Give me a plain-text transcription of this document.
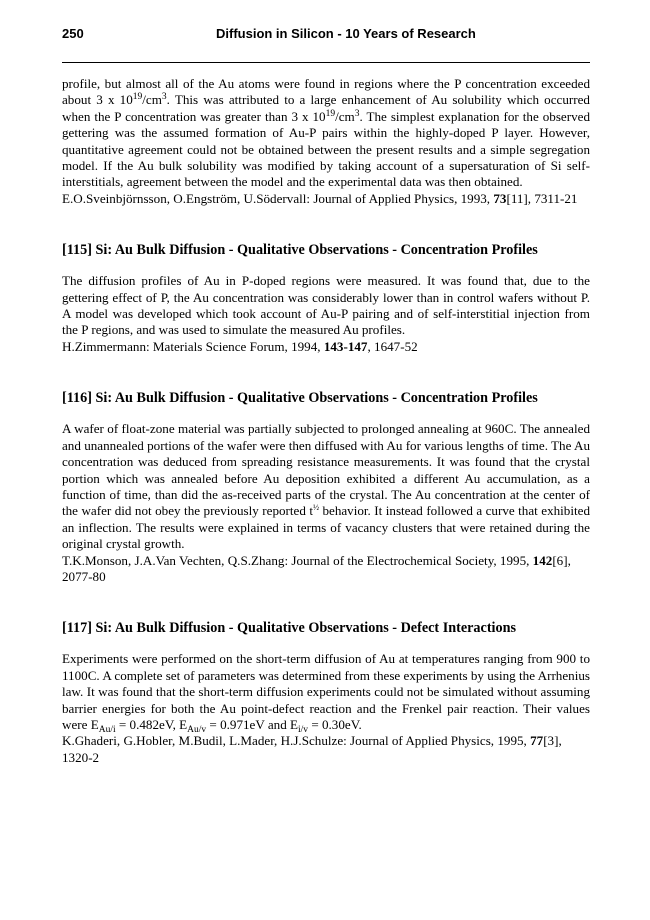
250	Diffusion in Silicon - 10 Years of Research

profile, but almost all of the Au atoms were found in regions where the P concentration exceeded about 3 x $10^{19}/cm^3$. This was attributed to a large enhancement of Au solubility which occurred when the P concentration was greater than 3 x $10^{19}/cm^3$. The simplest explanation for the observed gettering was the assumed formation of Au-P pairs within the highly-doped P layer. However, quantitative agreement could not be obtained between the present results and a simple segregation model. If the Au bulk solubility was modified by taking account of a supersaturation of Si self-interstitials, agreement between the model and the experimental data was then obtained.

E.O.Sveinbjörnsson, O.Engström, U.Södervall: Journal of Applied Physics, 1993, 73[11], 7311-21
[115] Si: Au Bulk Diffusion - Qualitative Observations - Concentration Profiles

The diffusion profiles of Au in P-doped regions were measured. It was found that, due to the gettering effect of P, the Au concentration was considerably lower than in control wafers without P. A model was developed which took account of Au-P pairing and of self-interstitial injection from the P regions, and was used to simulate the measured Au profiles.

H.Zimmermann: Materials Science Forum, 1994, 143-147, 1647-52
[116] Si: Au Bulk Diffusion - Qualitative Observations - Concentration Profiles

A wafer of float-zone material was partially subjected to prolonged annealing at 960C. The annealed and unannealed portions of the wafer were then diffused with Au for various lengths of time. The Au concentration was deduced from spreading resistance measurements. It was found that the crystal portion which was annealed before Au deposition exhibited a different Au accumulation, as a function of time, than did the as-received parts of the crystal. The Au concentration at the center of the wafer did not obey the previously reported $t^{\frac{1}{2}}$ behavior. It instead followed a curve that exhibited an inflection. The results were explained in terms of vacancy clusters that were retained during the original crystal growth.

T.K.Monson, J.A.Van Vechten, Q.S.Zhang: Journal of the Electrochemical Society, 1995, 142[6], 2077-80
[117] Si: Au Bulk Diffusion - Qualitative Observations - Defect Interactions

Experiments were performed on the short-term diffusion of Au at temperatures ranging from 900 to 1100C. A complete set of parameters was determined from these experiments by using the Arrhenius law. It was found that the short-term diffusion experiments could not be simulated without assuming barrier energies for both the Au point-defect reaction and the Frenkel pair reaction. Their values were $E_{Au/i} = 0.482eV$, $E_{Au/v} = 0.971eV$ and $E_{i/v} = 0.30eV$.

K.Ghaderi, G.Hobler, M.Budil, L.Mader, H.J.Schulze: Journal of Applied Physics, 1995, 77[3], 1320-2
